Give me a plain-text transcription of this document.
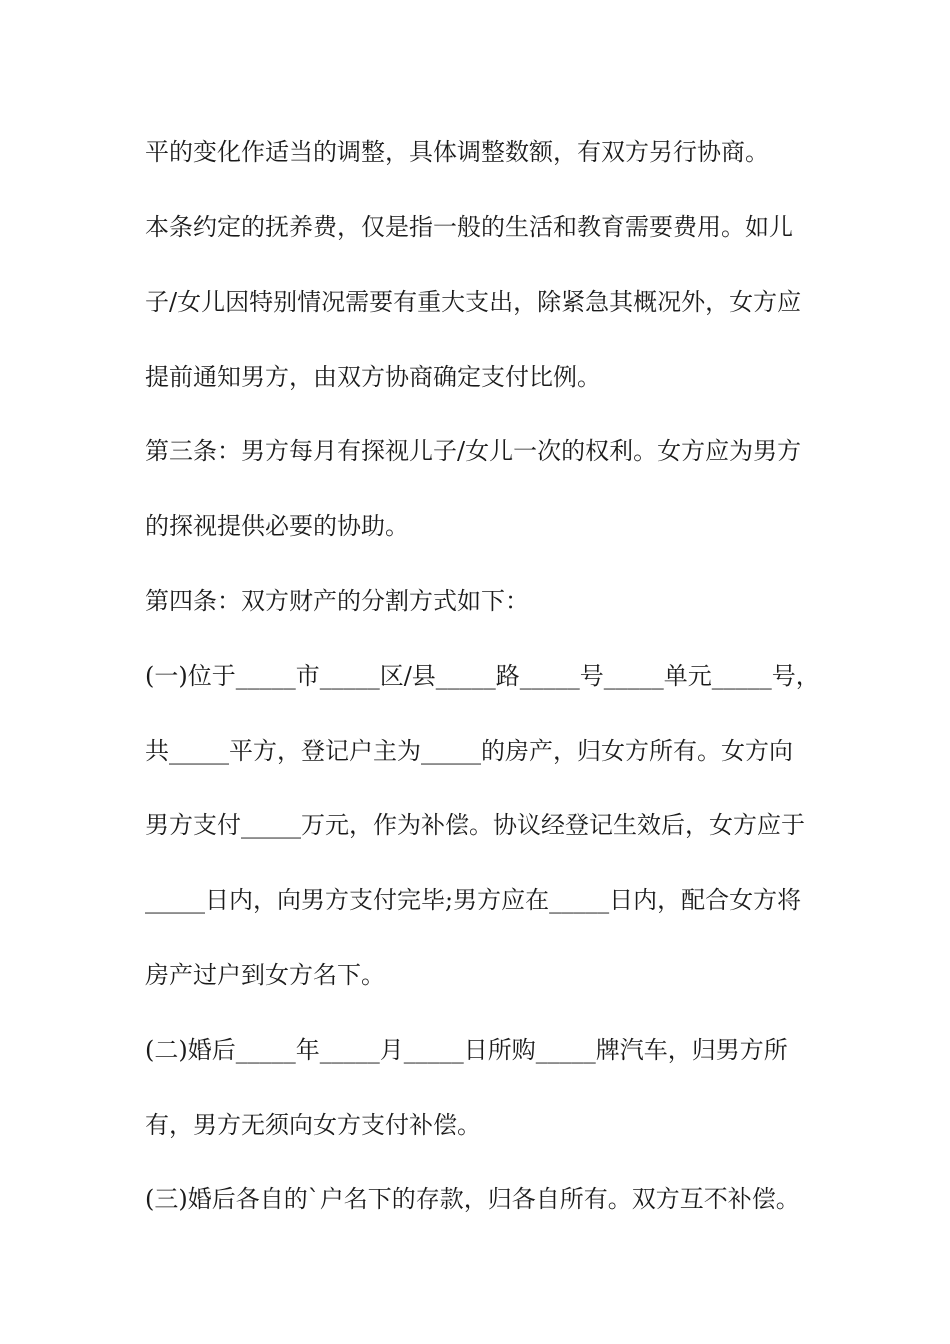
平的变化作适当的调整，具体调整数额，有双方另行协商。
本条约定的抚养费，仅是指一般的生活和教育需要费用。如儿
子/女儿因特别情况需要有重大支出，除紧急其概况外，女方应
提前通知男方，由双方协商确定支付比例。
第三条：男方每月有探视儿子/女儿一次的权利。女方应为男方
的探视提供必要的协助。
第四条：双方财产的分割方式如下：
(一)位于_____市_____区/县_____路_____号_____单元_____号，
共_____平方，登记户主为_____的房产，归女方所有。女方向
男方支付_____万元，作为补偿。协议经登记生效后，女方应于
_____日内，向男方支付完毕;男方应在_____日内，配合女方将
房产过户到女方名下。
(二)婚后_____年_____月_____日所购_____牌汽车，归男方所
有，男方无须向女方支付补偿。
(三)婚后各自的`户名下的存款，归各自所有。双方互不补偿。
